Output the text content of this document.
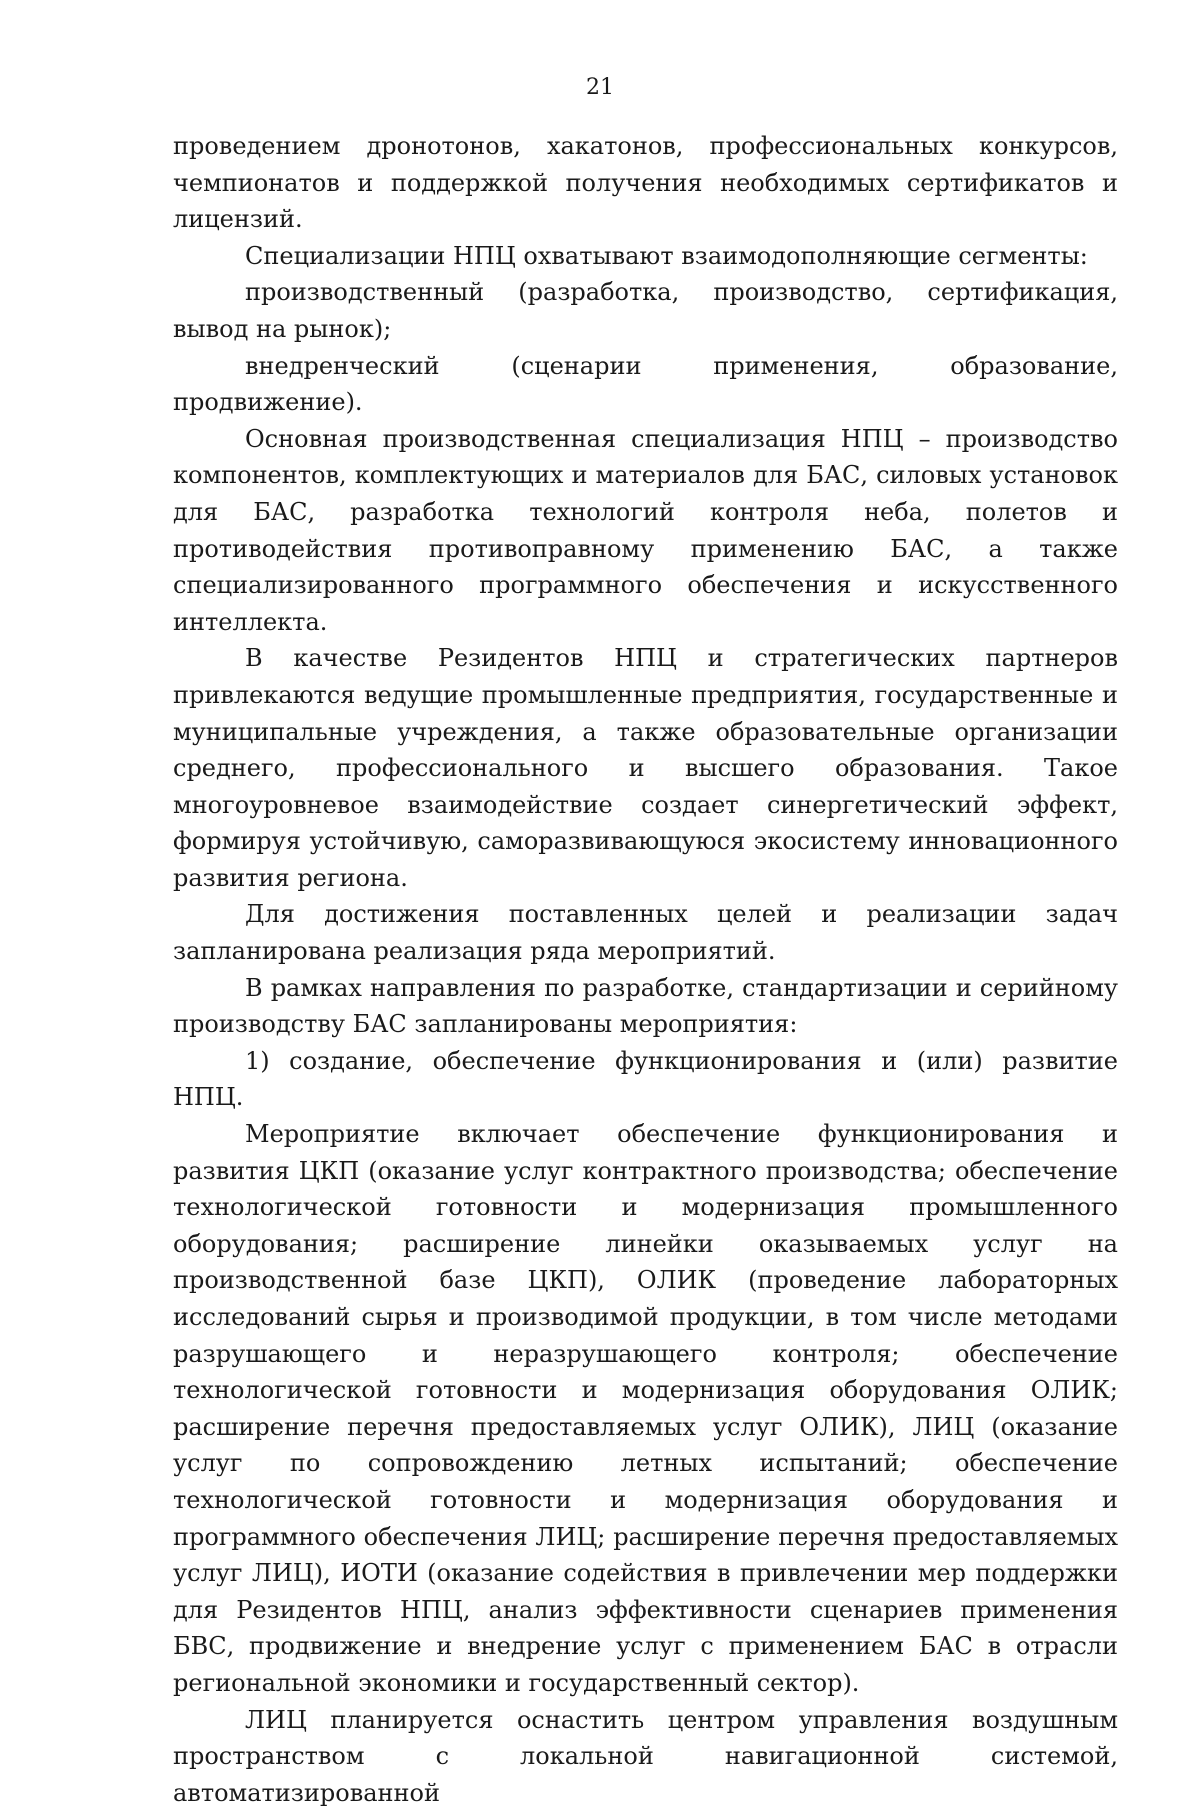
21

проведением дронотонов, хакатонов, профессиональных конкурсов, чемпионатов и поддержкой получения необходимых сертификатов и лицензий.

Специализации НПЦ охватывают взаимодополняющие сегменты:

производственный (разработка, производство, сертификация, вывод на рынок);

внедренческий (сценарии применения, образование, продвижение).

Основная производственная специализация НПЦ – производство компонентов, комплектующих и материалов для БАС, силовых установок для БАС, разработка технологий контроля неба, полетов и противодействия противоправному применению БАС, а также специализированного программного обеспечения и искусственного интеллекта.

В качестве Резидентов НПЦ и стратегических партнеров привлекаются ведущие промышленные предприятия, государственные и муниципальные учреждения, а также образовательные организации среднего, профессионального и высшего образования. Такое многоуровневое взаимодействие создает синергетический эффект, формируя устойчивую, саморазвивающуюся экосистему инновационного развития региона.

Для достижения поставленных целей и реализации задач запланирована реализация ряда мероприятий.

В рамках направления по разработке, стандартизации и серийному производству БАС запланированы мероприятия:

1) создание, обеспечение функционирования и (или) развитие НПЦ.

Мероприятие включает обеспечение функционирования и развития ЦКП (оказание услуг контрактного производства; обеспечение технологической готовности и модернизация промышленного оборудования; расширение линейки оказываемых услуг на производственной базе ЦКП), ОЛИК (проведение лабораторных исследований сырья и производимой продукции, в том числе методами разрушающего и неразрушающего контроля; обеспечение технологической готовности и модернизация оборудования ОЛИК; расширение перечня предоставляемых услуг ОЛИК), ЛИЦ (оказание услуг по сопровождению летных испытаний; обеспечение технологической готовности и модернизация оборудования и программного обеспечения ЛИЦ; расширение перечня предоставляемых услуг ЛИЦ), ИОТИ (оказание содействия в привлечении мер поддержки для Резидентов НПЦ, анализ эффективности сценариев применения БВС, продвижение и внедрение услуг с применением БАС в отрасли региональной экономики и государственный сектор).

ЛИЦ планируется оснастить центром управления воздушным пространством с локальной навигационной системой, автоматизированной
